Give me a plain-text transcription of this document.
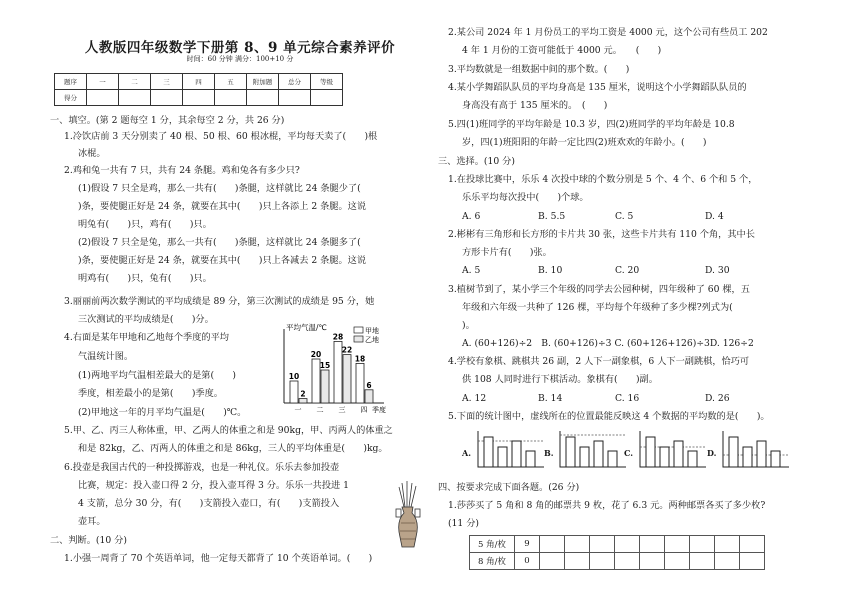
人教版四年级数学下册第 8、9 单元综合素养评价
时间：60 分钟 满分：100+10 分
题序	一	二	三	四	五	附加题	总分	等级
得分								
一、填空。(第 2 题每空 1 分，其余每空 2 分，共 26 分)
1.冷饮店前 3 天分别卖了 40 根、50 根、60 根冰棍，平均每天卖了(　　)根
冰棍。
2.鸡和兔一共有 7 只，共有 24 条腿。鸡和兔各有多少只?
(1)假设 7 只全是鸡，那么一共有(　　)条腿，这样就比 24 条腿少了(
)条，要使腿正好是 24 条，就要在其中(　　)只上各添上 2 条腿。这说
明兔有(　　)只，鸡有(　　)只。
(2)假设 7 只全是兔，那么一共有(　　)条腿，这样就比 24 条腿多了(
)条，要使腿正好是 24 条，就要在其中(　　)只上各减去 2 条腿。这说
明鸡有(　　)只，兔有(　　)只。
3.丽丽前两次数学测试的平均成绩是 89 分，第三次测试的成绩是 95 分，她
三次测试的平均成绩是(　　)分。
4.右面是某年甲地和乙地每个季度的平均
气温统计图。
(1)两地平均气温相差最大的是第(　　)
季度，相差最小的是第(　　)季度。
(2)甲地这一年的月平均气温是(　　)℃。
5.甲、乙、丙三人称体重，甲、乙两人的体重之和是 90kg，甲、丙两人的体重之
和是 82kg，乙、丙两人的体重之和是 86kg，三人的平均体重是(　　)kg。
6.投壶是我国古代的一种投掷游戏，也是一种礼仪。乐乐去参加投壶
比赛，规定：投入壶口得 2 分，投入壶耳得 3 分。乐乐一共投进 1
4 支箭，总分 30 分，有(　　)支箭投入壶口，有(　　)支箭投入
壶耳。
二、判断。(10 分)
1.小强一周背了 70 个英语单词，他一定每天都背了 10 个英语单词。(　　)
平均气温/℃	甲地
乙地
10
2
一
20
15
二
28
22
三
18
6
四 季度
2.某公司 2024 年 1 月份员工的平均工资是 4000 元，这个公司有些员工 202
4 年 1 月份的工资可能低于 4000 元。　　(　　)
3.平均数就是一组数据中间的那个数。(　　)
4.某小学舞蹈队队员的平均身高是 135 厘米，说明这个小学舞蹈队队员的
身高没有高于 135 厘米的。　(　　)
5.四(1)班同学的平均年龄是 10.3 岁，四(2)班同学的平均年龄是 10.8
岁，四(1)班阳阳的年龄一定比四(2)班欢欢的年龄小。(　　)
三、选择。(10 分)
1.在投球比赛中，乐乐 4 次投中球的个数分别是 5 个、4 个、6 个和 5 个，
乐乐平均每次投中(　　)个球。
A. 6	B. 5.5	C. 5	D. 4
2.彬彬有三角形和长方形的卡片共 30 张，这些卡片共有 110 个角，其中长
方形卡片有(　　)张。
A. 5	B. 10	C. 20	D. 30
3.植树节到了，某小学三个年级的同学去公园种树，四年级种了 60 棵，五
年级和六年级一共种了 126 棵，平均每个年级种了多少棵?列式为(
)。
A. (60+126)÷2　B. (60+126)÷3 C. (60+126+126)÷3D. 126÷2
4.学校有象棋、跳棋共 26 副，2 人下一副象棋，6 人下一副跳棋，恰巧可
供 108 人同时进行下棋活动。象棋有(　　)副。
A. 12	B. 14	C. 16	D. 26
5.下面的统计图中，虚线所在的位置最能反映这 4 个数据的平均数的是(　　)。
A.	B.	C.	D.
四、按要求完成下面各题。(26 分)
1.莎莎买了 5 角和 8 角的邮票共 9 枚，花了 6.3 元。两种邮票各买了多少枚?
(11 分)
5 角/枚	9									
8 角/枚	0									
